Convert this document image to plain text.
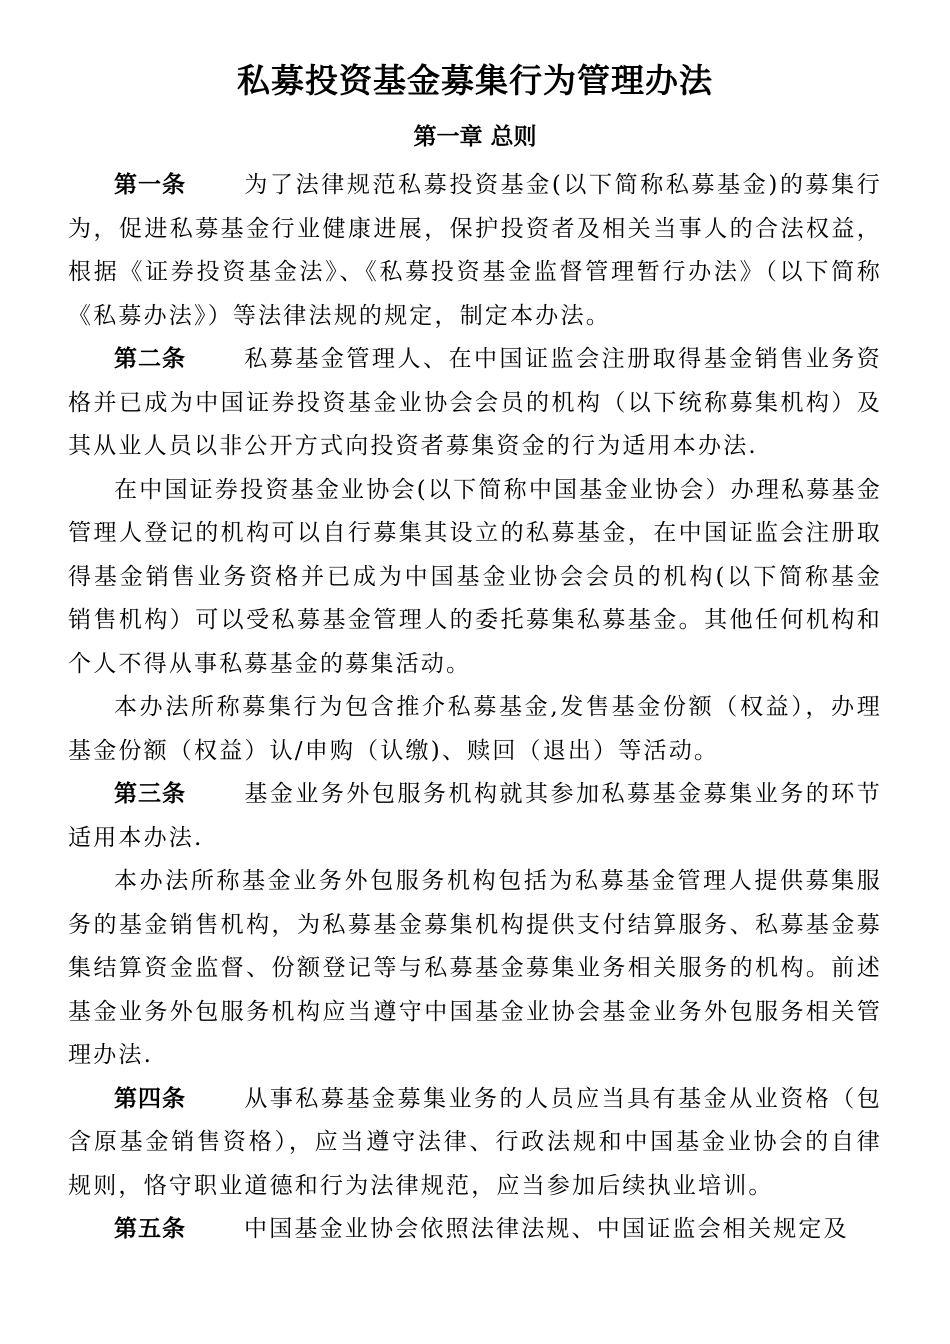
私募投资基金募集行为管理办法
第一章 总则

第一条	为了法律规范私募投资基金(以下简称私募基金)的募集行为，促进私募基金行业健康进展，保护投资者及相关当事人的合法权益，根据《证券投资基金法》、《私募投资基金监督管理暂行办法》（以下简称《私募办法》）等法律法规的规定，制定本办法。

第二条	私募基金管理人、在中国证监会注册取得基金销售业务资格并已成为中国证券投资基金业协会会员的机构（以下统称募集机构）及其从业人员以非公开方式向投资者募集资金的行为适用本办法.

在中国证券投资基金业协会(以下简称中国基金业协会）办理私募基金管理人登记的机构可以自行募集其设立的私募基金，在中国证监会注册取得基金销售业务资格并已成为中国基金业协会会员的机构(以下简称基金销售机构）可以受私募基金管理人的委托募集私募基金。其他任何机构和个人不得从事私募基金的募集活动。

本办法所称募集行为包含推介私募基金,发售基金份额（权益），办理基金份额（权益）认/申购（认缴)、赎回（退出）等活动。

第三条	基金业务外包服务机构就其参加私募基金募集业务的环节适用本办法.

本办法所称基金业务外包服务机构包括为私募基金管理人提供募集服务的基金销售机构，为私募基金募集机构提供支付结算服务、私募基金募集结算资金监督、份额登记等与私募基金募集业务相关服务的机构。前述基金业务外包服务机构应当遵守中国基金业协会基金业务外包服务相关管理办法.

第四条	从事私募基金募集业务的人员应当具有基金从业资格（包含原基金销售资格），应当遵守法律、行政法规和中国基金业协会的自律规则，恪守职业道德和行为法律规范，应当参加后续执业培训。

第五条	中国基金业协会依照法律法规、中国证监会相关规定及
